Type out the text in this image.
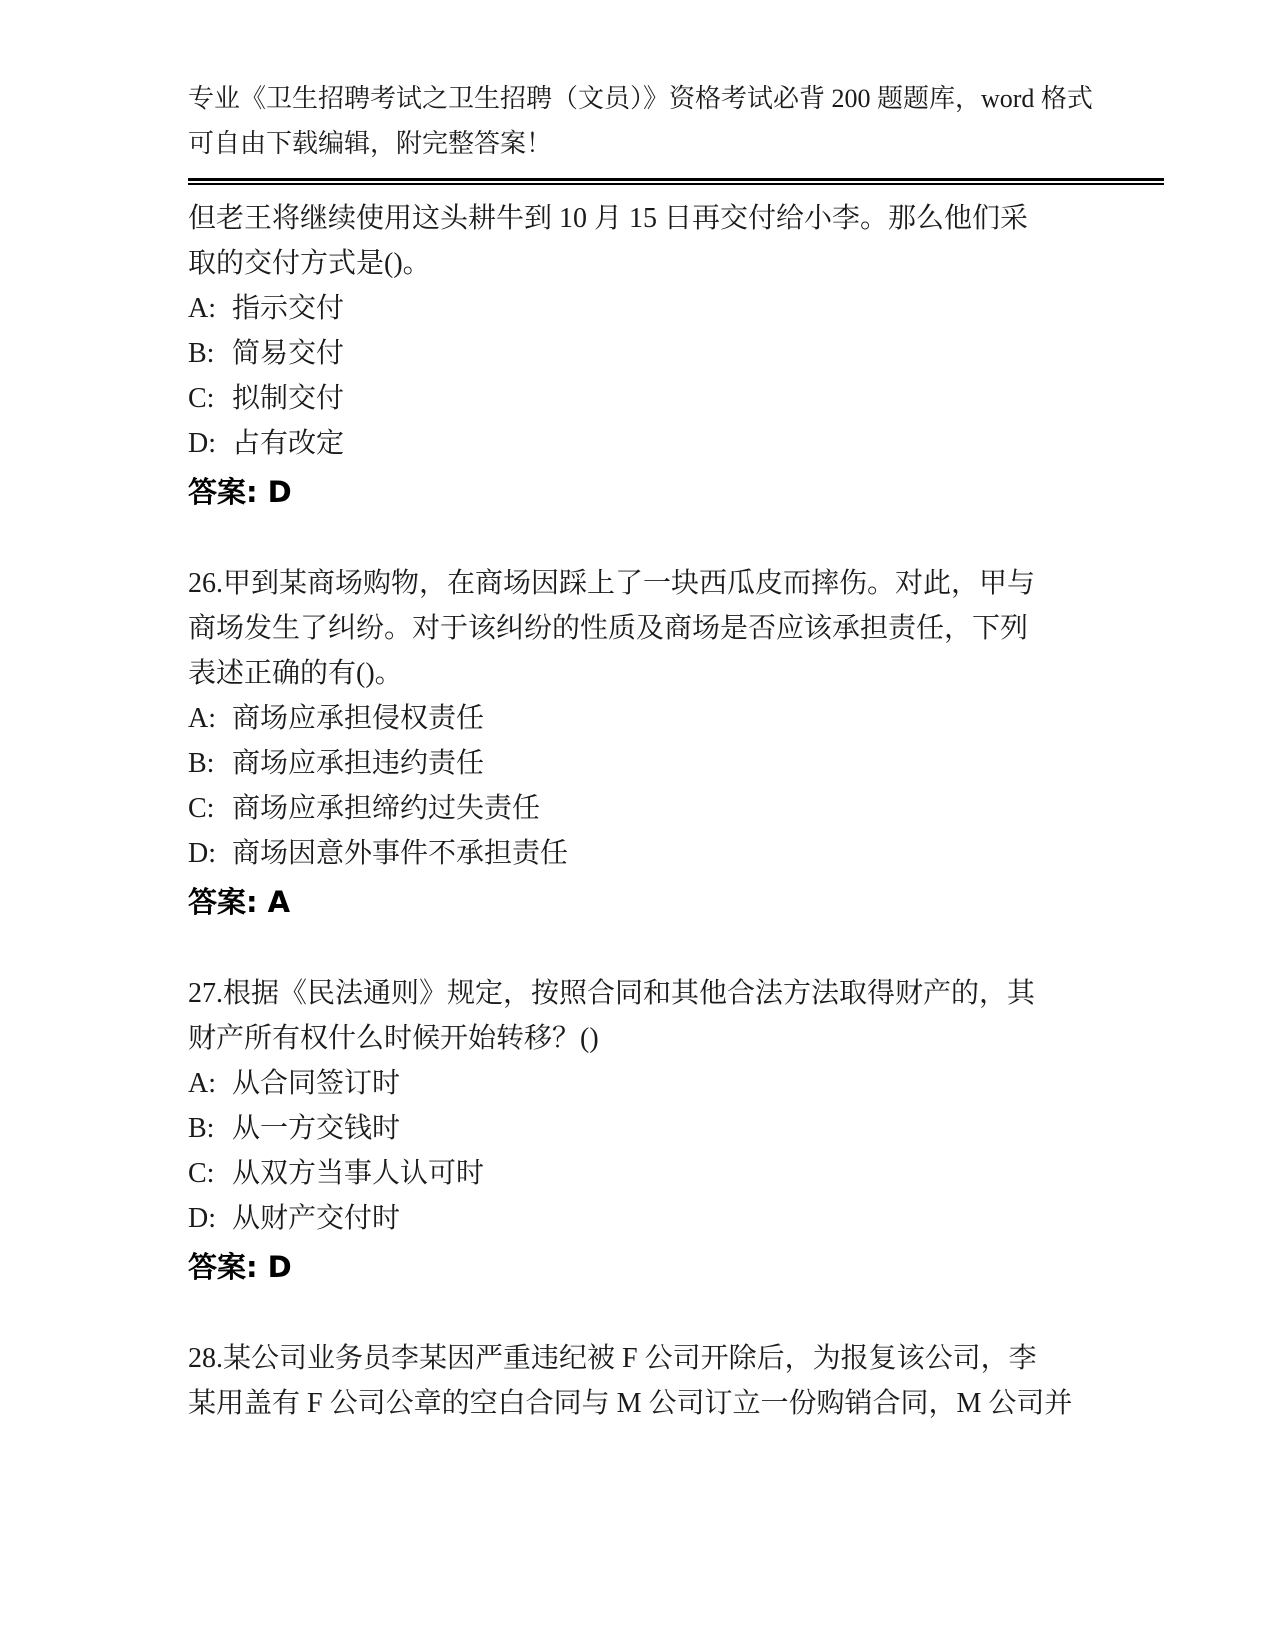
专业《卫生招聘考试之卫生招聘（文员）》资格考试必背 200 题题库，word 格式
可自由下载编辑，附完整答案！
但老王将继续使用这头耕牛到 10 月 15 日再交付给小李。那么他们采
取的交付方式是()。
A: 指示交付
B: 简易交付
C: 拟制交付
D: 占有改定
答案: D
26.甲到某商场购物，在商场因踩上了一块西瓜皮而摔伤。对此，甲与
商场发生了纠纷。对于该纠纷的性质及商场是否应该承担责任，下列
表述正确的有()。
A: 商场应承担侵权责任
B: 商场应承担违约责任
C: 商场应承担缔约过失责任
D: 商场因意外事件不承担责任
答案: A
27.根据《民法通则》规定，按照合同和其他合法方法取得财产的，其
财产所有权什么时候开始转移？()
A: 从合同签订时
B: 从一方交钱时
C: 从双方当事人认可时
D: 从财产交付时
答案: D
28.某公司业务员李某因严重违纪被 F 公司开除后，为报复该公司，李
某用盖有 F 公司公章的空白合同与 M 公司订立一份购销合同，M 公司并
